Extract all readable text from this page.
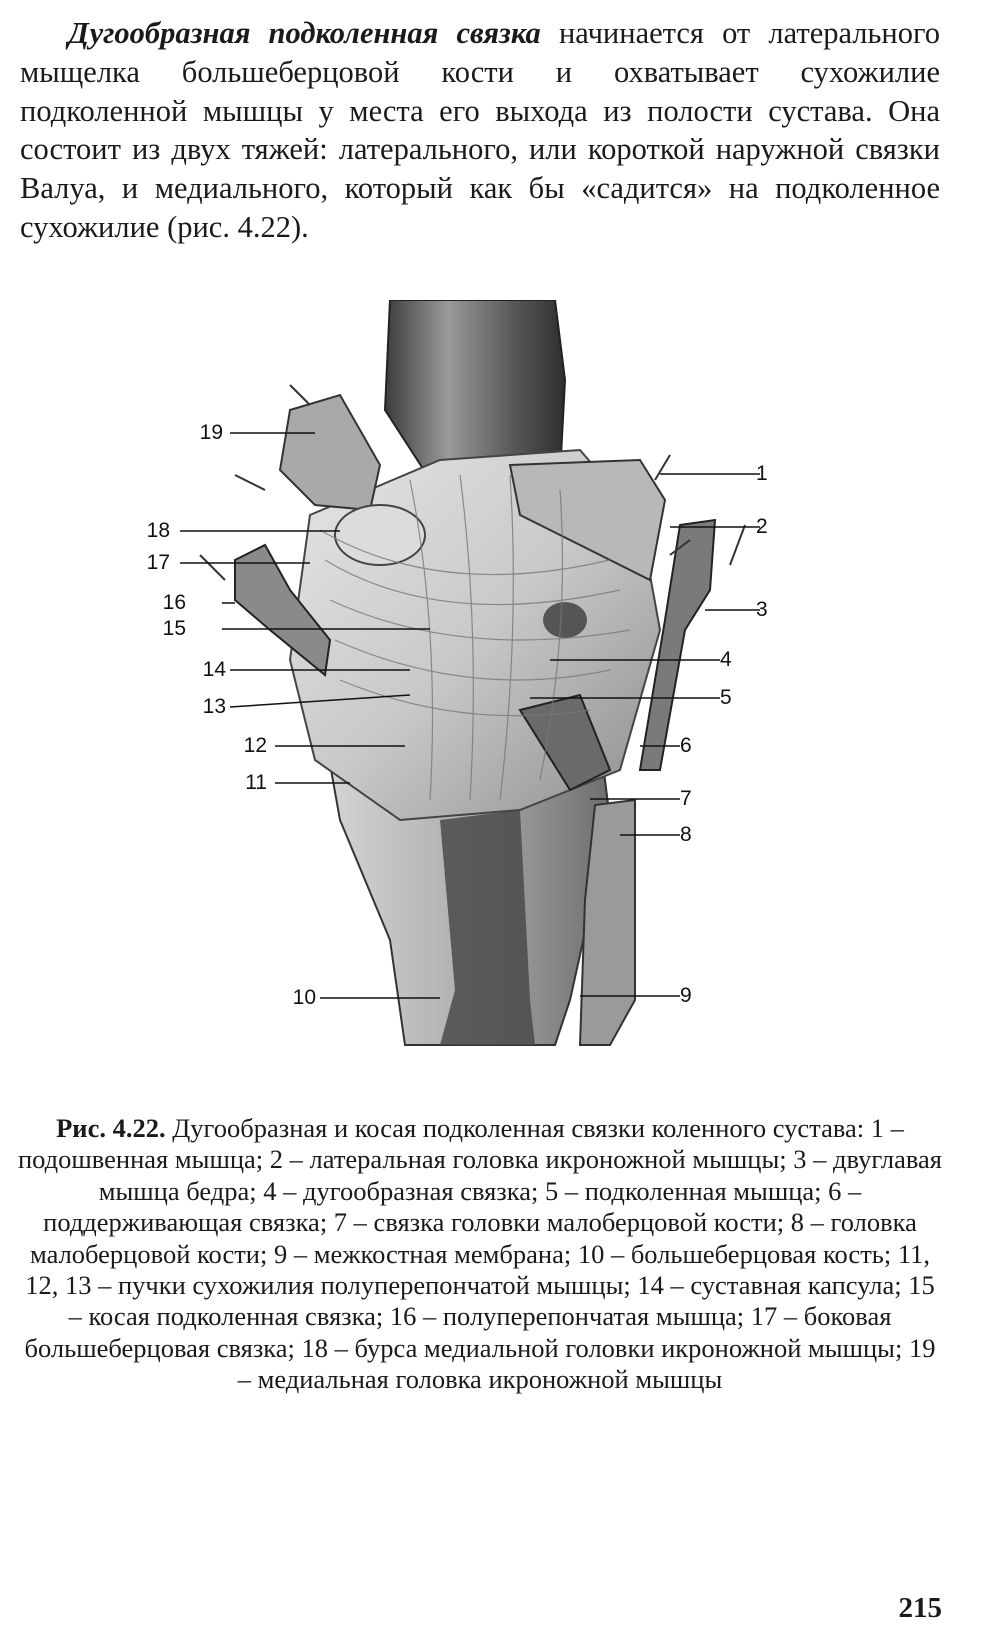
Дугообразная подколенная связка начинается от латерального мыщелка большеберцовой кости и охватывает сухожилие подколенной мышцы у места его выхода из полости сустава. Она состоит из двух тяжей: латерального, или короткой наружной связки Валуа, и медиального, который как бы «садится» на подколенное сухожилие (рис. 4.22).

19
18
17
16
15
14
13
12
11
10
1
2
3
4
5
6
7
8
9

Рис. 4.22. Дугообразная и косая подколенная связки коленного сустава: 1 – подошвенная мышца; 2 – латеральная головка икроножной мышцы; 3 – двуглавая мышца бедра; 4 – дугообразная связка; 5 – подколенная мышца; 6 – поддерживающая связка; 7 – связка головки малоберцовой кости; 8 – головка малоберцовой кости; 9 – межкостная мембрана; 10 – большеберцовая кость; 11, 12, 13 – пучки сухожилия полуперепончатой мышцы; 14 – суставная капсула; 15 – косая подколенная связка; 16 – полуперепончатая мышца; 17 – боковая большеберцовая связка; 18 – бурса медиальной головки икроножной мышцы; 19 – медиальная головка икроножной мышцы

215
